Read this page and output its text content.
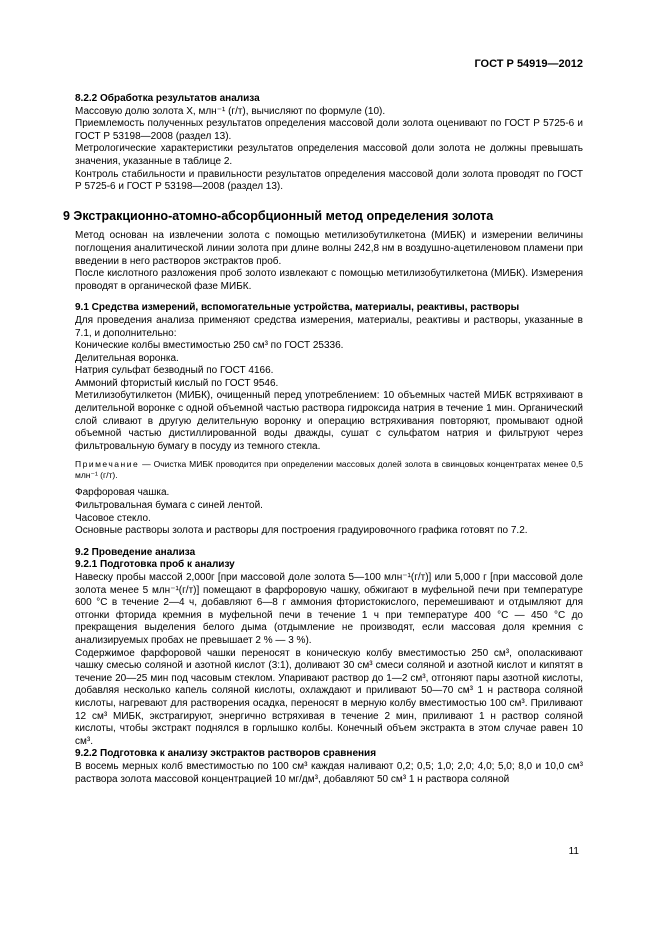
ГОСТ Р 54919—2012

8.2.2 Обработка результатов анализа

Массовую долю золота X, млн⁻¹ (г/т), вычисляют по формуле (10).

Приемлемость полученных результатов определения массовой доли золота оценивают по ГОСТ Р 5725-6 и ГОСТ Р 53198—2008 (раздел 13).

Метрологические характеристики результатов определения массовой доли золота не должны превышать значения, указанные в таблице 2.

Контроль стабильности и правильности результатов определения массовой доли золота проводят по ГОСТ Р 5725-6 и ГОСТ Р 53198—2008 (раздел 13).

9 Экстракционно-атомно-абсорбционный метод определения золота

Метод основан на извлечении золота с помощью метилизобутилкетона (МИБК) и измерении величины поглощения аналитической линии золота при длине волны 242,8 нм в воздушно-ацетиленовом пламени при введении в него растворов экстрактов проб.

После кислотного разложения проб золото извлекают с помощью метилизобутилкетона (МИБК). Измерения проводят в органической фазе МИБК.

9.1 Средства измерений, вспомогательные устройства, материалы, реактивы, растворы

Для проведения анализа применяют средства измерения, материалы, реактивы и растворы, указанные в 7.1, и дополнительно:

Конические колбы вместимостью 250 см³ по ГОСТ 25336.

Делительная воронка.

Натрия сульфат безводный по ГОСТ 4166.

Аммоний фтористый кислый по ГОСТ 9546.

Метилизобутилкетон (МИБК), очищенный перед употреблением: 10 объемных частей МИБК встряхивают в делительной воронке с одной объемной частью раствора гидроксида натрия в течение 1 мин. Органический слой сливают в другую делительную воронку и операцию встряхивания повторяют, промывают одной объемной частью дистиллированной воды дважды, сушат с сульфатом натрия и фильтруют через фильтровальную бумагу в посуду из темного стекла.

Примечание — Очистка МИБК проводится при определении массовых долей золота в свинцовых концентратах менее 0,5 млн⁻¹ (г/т).

Фарфоровая чашка.

Фильтровальная бумага с синей лентой.

Часовое стекло.

Основные растворы золота и растворы для построения градуировочного графика готовят по 7.2.

9.2 Проведение анализа

9.2.1 Подготовка проб к анализу

Навеску пробы массой 2,000г [при массовой доле золота 5—100 млн⁻¹(г/т)] или 5,000 г [при массовой доле золота менее 5 млн⁻¹(г/т)] помещают в фарфоровую чашку, обжигают в муфельной печи при температуре 600 °С в течение 2—4 ч, добавляют 6—8 г аммония фтористокислого, перемешивают и отдымляют для отгонки фторида кремния в муфельной печи в течение 1 ч при температуре 400 °С — 450 °С до прекращения выделения белого дыма (отдымление не производят, если массовая доля кремния с анализируемых пробах не превышает 2 % — 3 %).

Содержимое фарфоровой чашки переносят в коническую колбу вместимостью 250 см³, ополаскивают чашку смесью соляной и азотной кислот (3:1), доливают 30 см³ смеси соляной и азотной кислот и кипятят в течение 20—25 мин под часовым стеклом. Упаривают раствор до 1—2 см³, отгоняют пары азотной кислоты, добавляя несколько капель соляной кислоты, охлаждают и приливают 50—70 см³ 1 н раствора соляной кислоты, нагревают для растворения осадка, переносят в мерную колбу вместимостью 100 см³. Приливают 12 см³ МИБК, экстрагируют, энергично встряхивая в течение 2 мин, приливают 1 н раствор соляной кислоты, чтобы экстракт поднялся в горлышко колбы. Конечный объем экстракта в этом случае равен 10 см³.

9.2.2 Подготовка к анализу экстрактов растворов сравнения

В восемь мерных колб вместимостью по 100 см³ каждая наливают 0,2; 0,5; 1,0; 2,0; 4,0; 5,0; 8,0 и 10,0 см³ раствора золота массовой концентрацией 10 мг/дм³, добавляют 50 см³ 1 н раствора соляной

11
